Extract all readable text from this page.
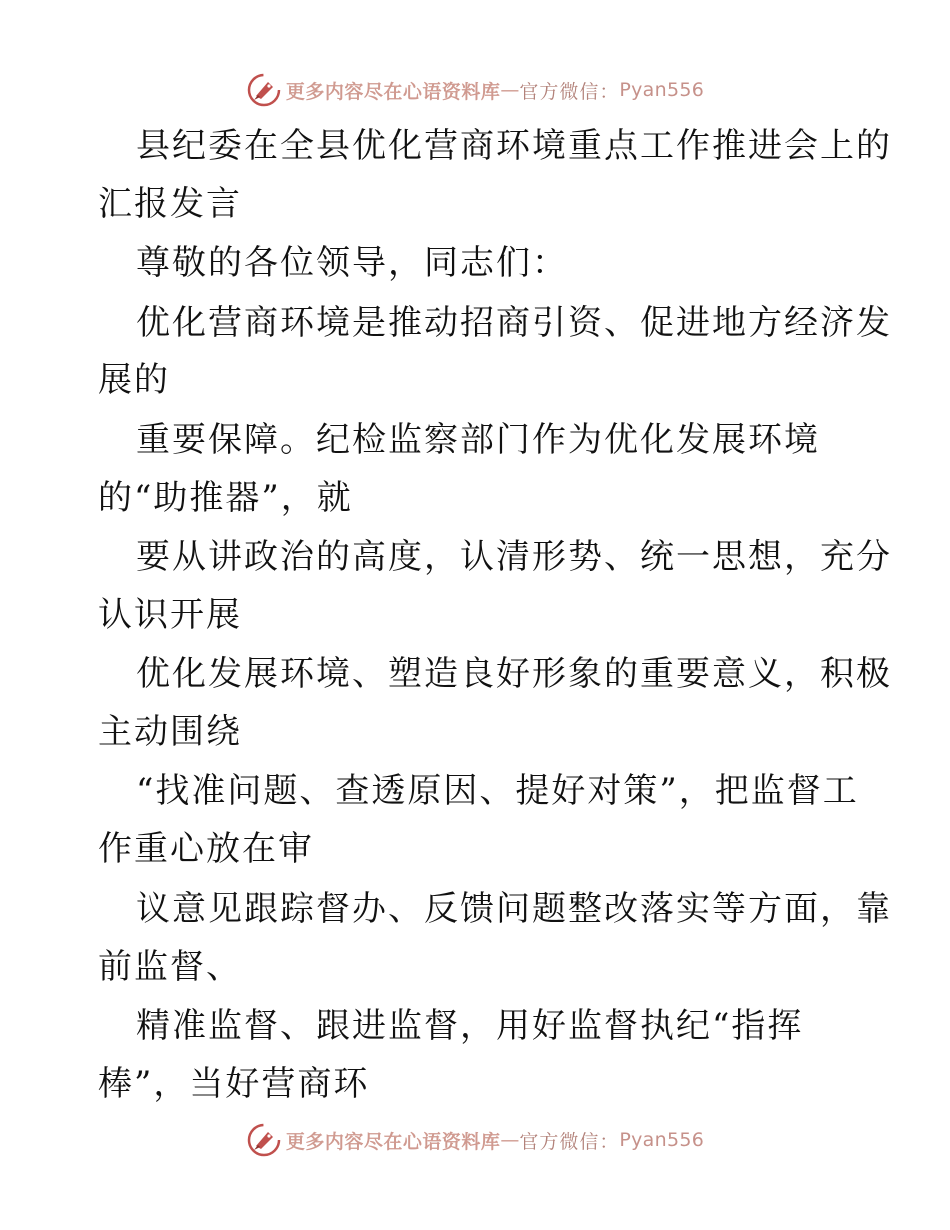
更多内容尽在心语资料库 — 官方微信： Pyan556
县纪委在全县优化营商环境重点工作推进会上的
汇报发言
尊敬的各位领导，同志们：
优化营商环境是推动招商引资、促进地方经济发
展的
重要保障。纪检监察部门作为优化发展环境
的“助推器”，就
要从讲政治的高度，认清形势、统一思想，充分
认识开展
优化发展环境、塑造良好形象的重要意义，积极
主动围绕
“找准问题、查透原因、提好对策”，把监督工
作重心放在审
议意见跟踪督办、反馈问题整改落实等方面，靠
前监督、
精准监督、跟进监督，用好监督执纪“指挥
棒”，当好营商环
更多内容尽在心语资料库 — 官方微信： Pyan556
